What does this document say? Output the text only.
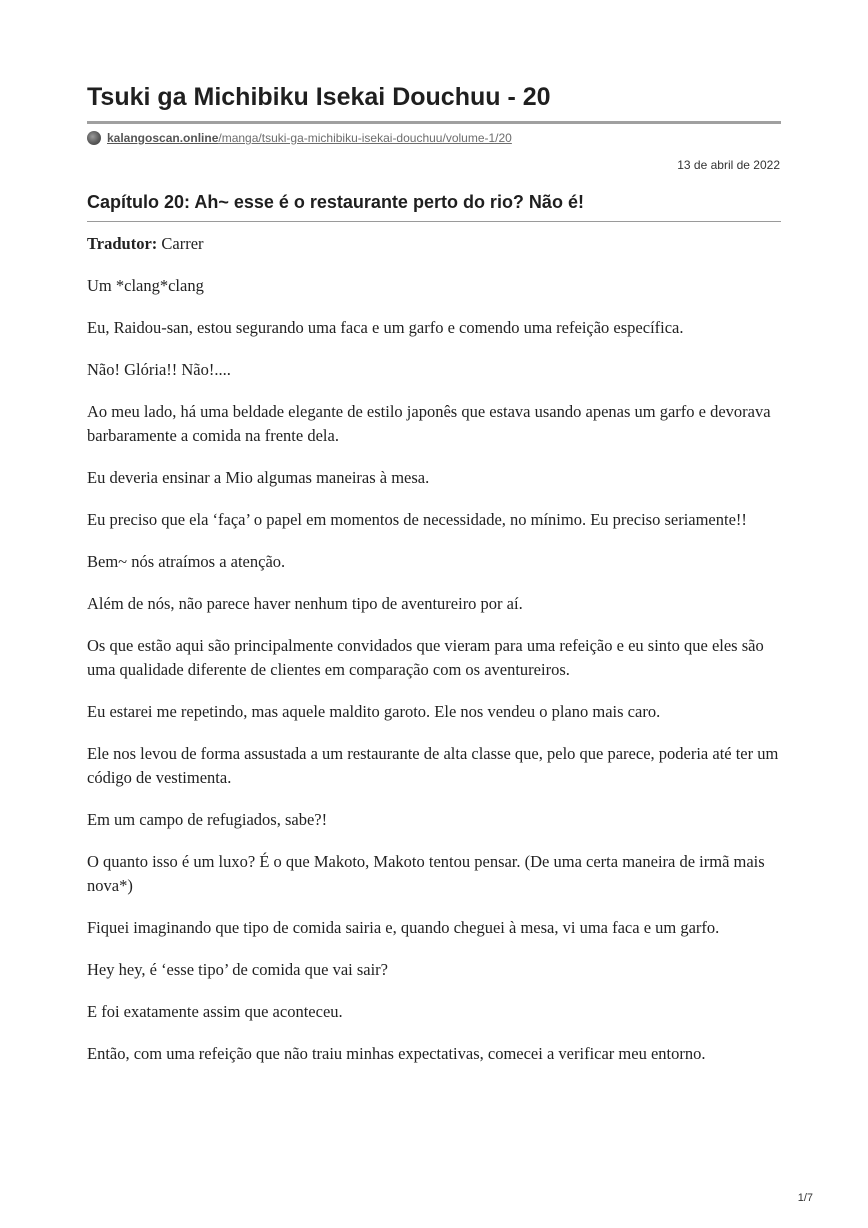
Tsuki ga Michibiku Isekai Douchuu - 20
kalangoscan.online /manga/tsuki-ga-michibiku-isekai-douchuu/volume-1/20
13 de abril de 2022
Capítulo 20: Ah~ esse é o restaurante perto do rio? Não é!

Tradutor: Carrer

Um *clang*clang

Eu, Raidou-san, estou segurando uma faca e um garfo e comendo uma refeição específica.

Não! Glória!! Não!....

Ao meu lado, há uma beldade elegante de estilo japonês que estava usando apenas um garfo e devorava barbaramente a comida na frente dela.

Eu deveria ensinar a Mio algumas maneiras à mesa.

Eu preciso que ela ‘faça’ o papel em momentos de necessidade, no mínimo. Eu preciso seriamente!!

Bem~ nós atraímos a atenção.

Além de nós, não parece haver nenhum tipo de aventureiro por aí.

Os que estão aqui são principalmente convidados que vieram para uma refeição e eu sinto que eles são uma qualidade diferente de clientes em comparação com os aventureiros.

Eu estarei me repetindo, mas aquele maldito garoto. Ele nos vendeu o plano mais caro.

Ele nos levou de forma assustada a um restaurante de alta classe que, pelo que parece, poderia até ter um código de vestimenta.

Em um campo de refugiados, sabe?!

O quanto isso é um luxo? É o que Makoto, Makoto tentou pensar. (De uma certa maneira de irmã mais nova*)

Fiquei imaginando que tipo de comida sairia e, quando cheguei à mesa, vi uma faca e um garfo.

Hey hey, é ‘esse tipo’ de comida que vai sair?

E foi exatamente assim que aconteceu.

Então, com uma refeição que não traiu minhas expectativas, comecei a verificar meu entorno.

1/7
